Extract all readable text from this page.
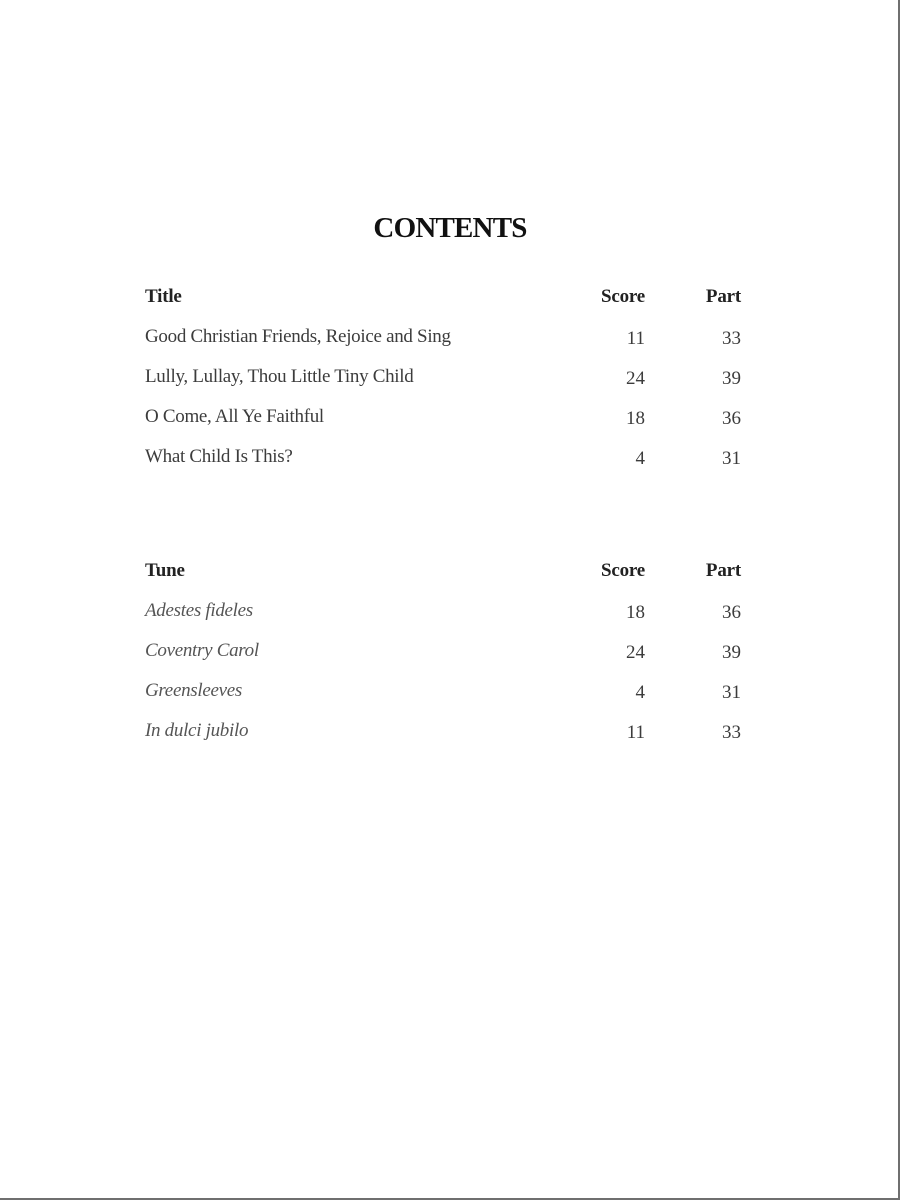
CONTENTS
Title	Score	Part
Good Christian Friends, Rejoice and Sing	11	33
Lully, Lullay, Thou Little Tiny Child	24	39
O Come, All Ye Faithful	18	36
What Child Is This?	4	31
Tune	Score	Part
Adestes fideles	18	36
Coventry Carol	24	39
Greensleeves	4	31
In dulci jubilo	11	33
